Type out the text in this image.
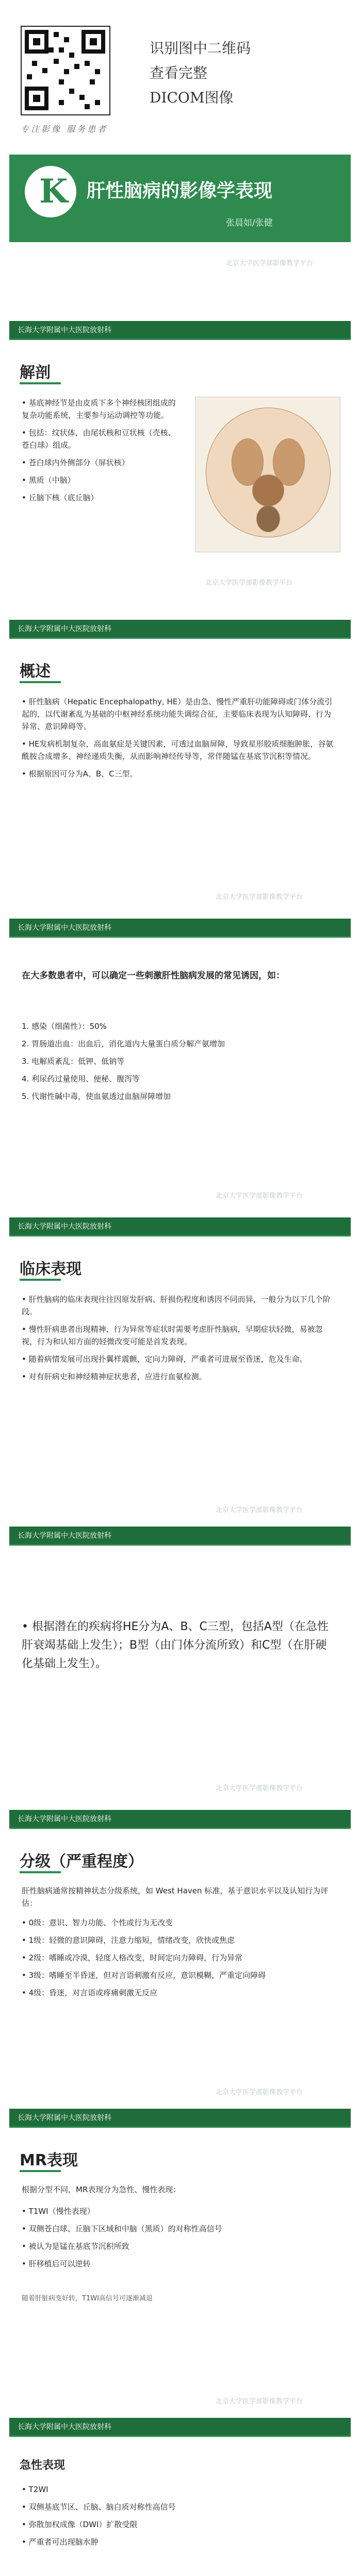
识别图中二维码
查看完整
DICOM图像
专注影像 服务患者
K 肝性脑病的影像学表现
张晨如/张健
北京大学医学部影像教学平台
长海大学附属中大医院放射科
解剖

• 基底神经节是由皮质下多个神经核团组成的复杂功能系统，主要参与运动调控等功能。

• 包括：纹状体，由尾状核和豆状核（壳核、苍白球）组成。

• 苍白球内外侧部分（屏状核）

• 黑质（中脑）

• 丘脑下核（底丘脑）

北京大学医学部影像教学平台
长海大学附属中大医院放射科
概述

• 肝性脑病（Hepatic Encephalopathy, HE）是由急、慢性严重肝功能障碍或门体分流引起的，以代谢紊乱为基础的中枢神经系统功能失调综合征，主要临床表现为认知障碍、行为异常、意识障碍等。

• HE发病机制复杂，高血氨症是关键因素，可透过血脑屏障，导致星形胶质细胞肿胀，谷氨酰胺合成增多、神经递质失衡，从而影响神经传导等，常伴随锰在基底节沉积等情况。

• 根据原因可分为A、B、C三型。

北京大学医学部影像教学平台
长海大学附属中大医院放射科
在大多数患者中，可以确定一些刺激肝性脑病发展的常见诱因，如：

1. 感染（细菌性）：50%

2. 胃肠道出血：出血后，消化道内大量蛋白质分解产氨增加

3. 电解质紊乱：低钾、低钠等

4. 利尿药过量使用、便秘、腹泻等

5. 代谢性碱中毒，使血氨透过血脑屏障增加

北京大学医学部影像教学平台
长海大学附属中大医院放射科
临床表现

• 肝性脑病的临床表现往往因原发肝病、肝损伤程度和诱因不同而异，一般分为以下几个阶段。

• 慢性肝病患者出现精神、行为异常等症状时需要考虑肝性脑病，早期症状轻微，易被忽视，行为和认知方面的轻微改变可能是首发表现。

• 随着病情发展可出现扑翼样震颤、定向力障碍，严重者可进展至昏迷，危及生命。

• 对有肝病史和神经精神症状患者，应进行血氨检测。

北京大学医学部影像教学平台
长海大学附属中大医院放射科
• 根据潜在的疾病将HE分为A、B、C三型，包括A型（在急性肝衰竭基础上发生）；B型（由门体分流所致）和C型（在肝硬化基础上发生）。
北京大学医学部影像教学平台
长海大学附属中大医院放射科
分级（严重程度）
肝性脑病通常按精神状态分级系统，如 West Haven 标准，基于意识水平以及认知行为评估：

• 0级：意识、智力功能、个性或行为无改变

• 1级：轻微的意识障碍，注意力缩短，情绪改变，欣快或焦虑

• 2级：嗜睡或冷漠，轻度人格改变，时间定向力障碍，行为异常

• 3级：嗜睡至半昏迷，但对言语刺激有反应，意识模糊，严重定向障碍

• 4级：昏迷，对言语或疼痛刺激无反应

北京大学医学部影像教学平台
长海大学附属中大医院放射科
MR表现
根据分型不同，MR表现分为急性、慢性表现：

• T1WI（慢性表现）

• 双侧苍白球、丘脑下区域和中脑（黑质）的对称性高信号

• 被认为是锰在基底节沉积所致

• 肝移植后可以逆转

随着肝脏病变好转，T1WI高信号可逐渐减退
北京大学医学部影像教学平台
长海大学附属中大医院放射科
急性表现

• T2WI

• 双侧基底节区、丘脑、脑白质对称性高信号

• 弥散加权成像（DWI）扩散受限

• 严重者可出现脑水肿
